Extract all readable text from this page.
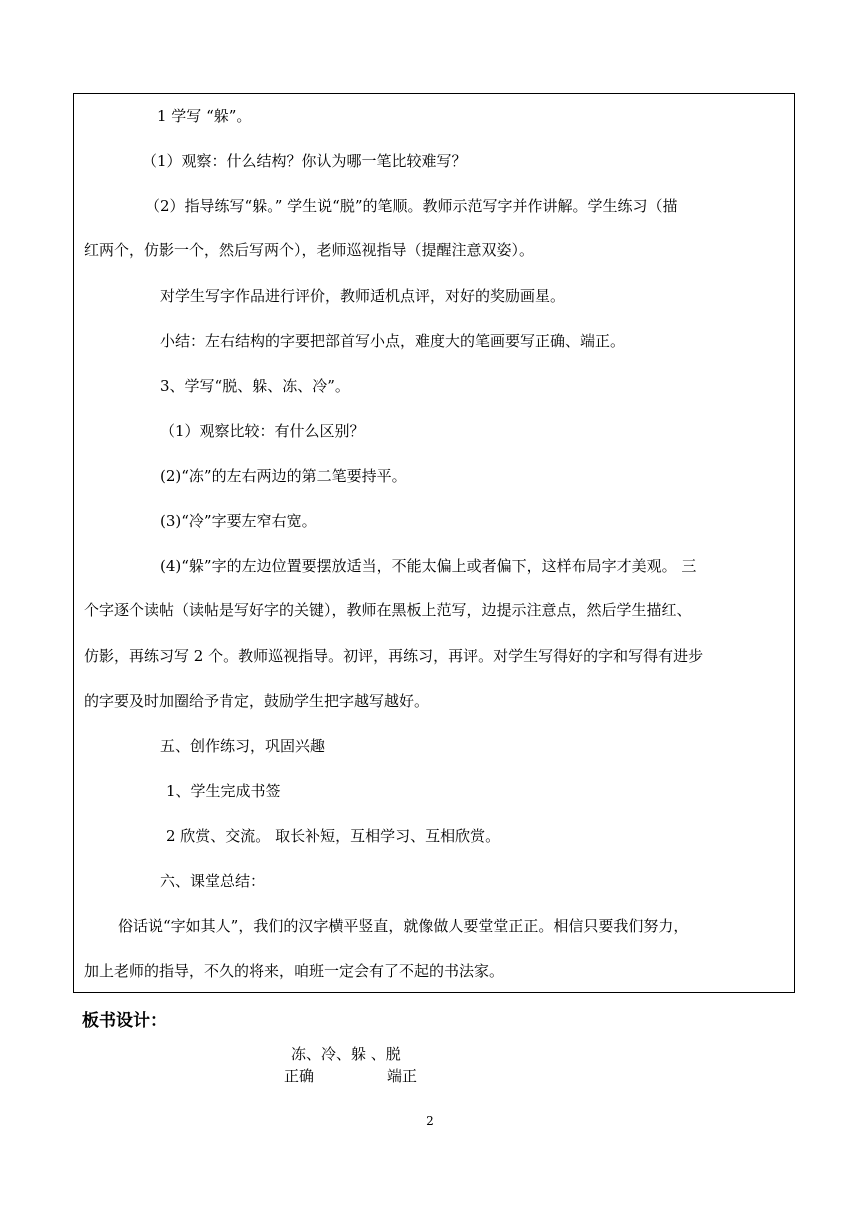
1 学写 “躲”。
（1）观察：什么结构？你认为哪一笔比较难写？
（2）指导练写“躲。” 学生说“脱”的笔顺。教师示范写字并作讲解。学生练习（描
红两个，仿影一个，然后写两个），老师巡视指导（提醒注意双姿）。
对学生写字作品进行评价，教师适机点评，对好的奖励画星。
小结：左右结构的字要把部首写小点，难度大的笔画要写正确、端正。
3、学写“脱、躲、冻、冷”。
（1）观察比较：有什么区别？
(2)“冻”的左右两边的第二笔要持平。
(3)“冷”字要左窄右宽。
(4)“躲”字的左边位置要摆放适当，不能太偏上或者偏下，这样布局字才美观。 三
个字逐个读帖（读帖是写好字的关键），教师在黑板上范写，边提示注意点，然后学生描红、
仿影，再练习写 2 个。教师巡视指导。初评，再练习，再评。对学生写得好的字和写得有进步
的字要及时加圈给予肯定，鼓励学生把字越写越好。
五、创作练习，巩固兴趣
1、学生完成书签
2 欣赏、交流。 取长补短，互相学习、互相欣赏。
六、课堂总结：
俗话说“字如其人”，我们的汉字横平竖直，就像做人要堂堂正正。相信只要我们努力，
加上老师的指导，不久的将来，咱班一定会有了不起的书法家。
板书设计：
冻、冷、躲 、脱
正确	端正
2
